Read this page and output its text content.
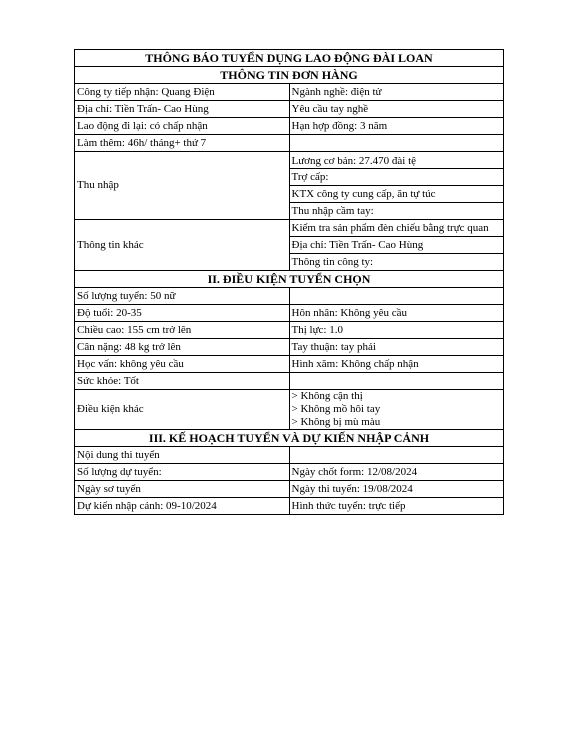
THÔNG BÁO TUYỂN DỤNG LAO ĐỘNG ĐÀI LOAN	
THÔNG TIN ĐƠN HÀNG	
Công ty tiếp nhận: Quang Điện	Ngành nghề: điện tử
Địa chỉ: Tiền Trấn- Cao Hùng	Yêu cầu tay nghề
Lao động đi lại: có chấp nhận	Hạn hợp đồng: 3 năm
Làm thêm: 46h/ tháng+ thứ 7	
Thu nhập	Lương cơ bản: 27.470 đài tệ
	Trợ cấp:
	KTX công ty cung cấp, ăn tự túc
	Thu nhập cầm tay:
Thông tin khác	Kiểm tra sản phẩm đèn chiếu bằng trực quan
	Địa chỉ: Tiền Trấn- Cao Hùng
	Thông tin công ty:
II. ĐIỀU KIỆN TUYỂN CHỌN	
Số lượng tuyển: 50 nữ	
Độ tuổi: 20-35	Hôn nhân: Không yêu cầu
Chiều cao: 155 cm trở lên	Thị lực: 1.0
Cân nặng: 48 kg trở lên	Tay thuận: tay phải
Học vấn: không yêu cầu	Hình xăm: Không chấp nhận
Sức khỏe: Tốt	
Điều kiện khác	> Không cận thị
> Không mồ hôi tay
> Không bị mù màu

III. KẾ HOẠCH TUYỂN VÀ DỰ KIẾN NHẬP CẢNH	
Nội dung thi tuyển	
Số lượng dự tuyển:	Ngày chốt form: 12/08/2024
Ngày sơ tuyển	Ngày thi tuyển: 19/08/2024
Dự kiến nhập cảnh: 09-10/2024	Hình thức tuyển: trực tiếp
